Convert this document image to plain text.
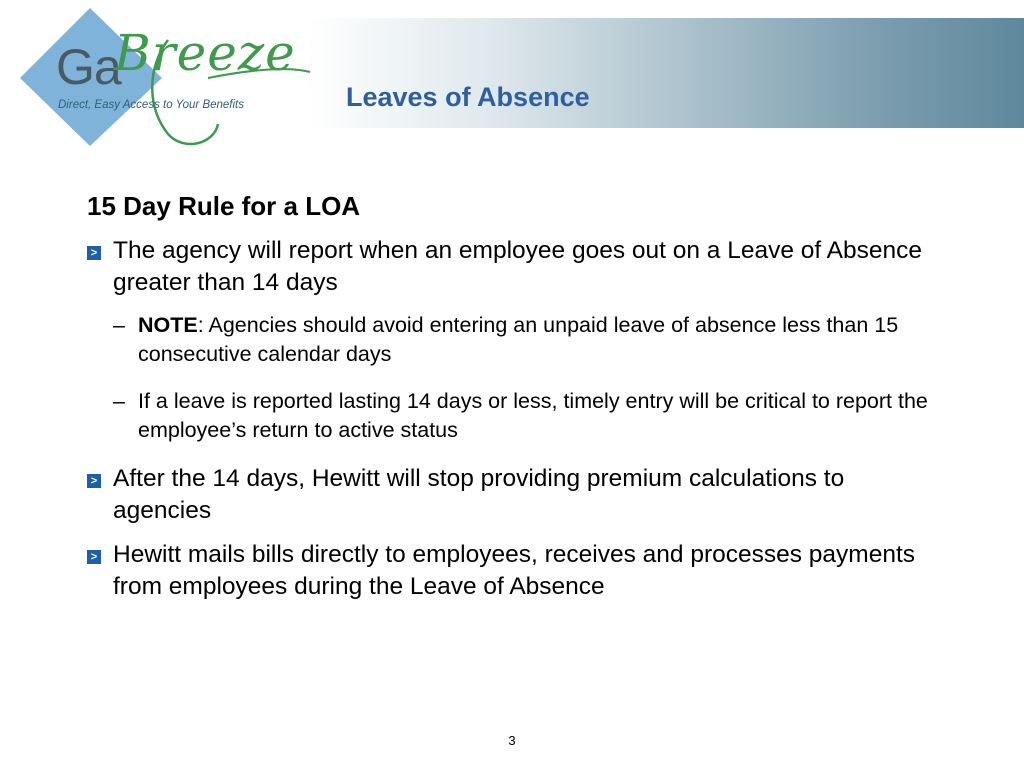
Ga
Breeze
Direct, Easy Access to Your Benefits	Leaves of Absence
15 Day Rule for a LOA
> The agency will report when an employee goes out on a Leave of Absence greater than 14 days
– NOTE: Agencies should avoid entering an unpaid leave of absence less than 15 consecutive calendar days
– If a leave is reported lasting 14 days or less, timely entry will be critical to report the employee’s return to active status
> After the 14 days, Hewitt will stop providing premium calculations to agencies
> Hewitt mails bills directly to employees, receives and processes payments from employees during the Leave of Absence
3
